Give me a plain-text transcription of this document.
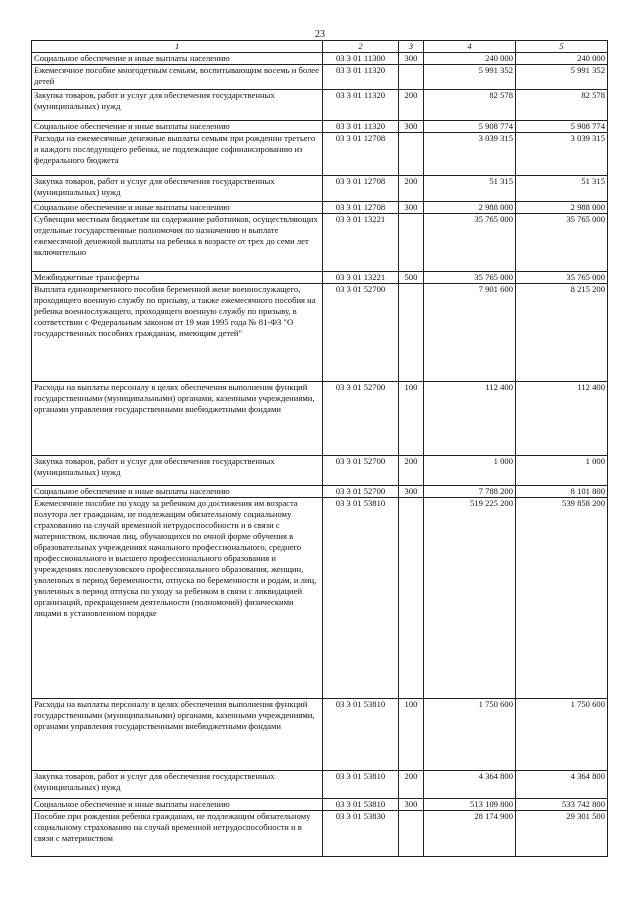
23
1	2	3	4	5
Социальное обеспечение и иные выплаты населению	03 3 01 11300	300	240 000	240 000
Ежемесячное пособие многодетным семьям, воспитывающим восемь и более детей	03 3 01 11320		5 991 352	5 991 352
Закупка товаров, работ и услуг для обеспечения государственных (муниципальных) нужд	03 3 01 11320	200	82 578	82 578
Социальное обеспечение и иные выплаты населению	03 3 01 11320	300	5 908 774	5 908 774
Расходы на ежемесячные денежные выплаты семьям при рождении третьего и каждого последующего ребенка, не подлежащие софинансированию из федерального бюджета	03 3 01 12708		3 039 315	3 039 315
Закупка товаров, работ и услуг для обеспечения государственных (муниципальных) нужд	03 3 01 12708	200	51 315	51 315
Социальное обеспечение и иные выплаты населению	03 3 01 12708	300	2 988 000	2 988 000
Субвенции местным бюджетам на содержание работников, осуществляющих отдельные государственные полномочия по назначению и выплате ежемесячной денежной выплаты на ребенка в возрасте от трех до семи лет включительно	03 3 01 13221		35 765 000	35 765 000
Межбюджетные трансферты	03 3 01 13221	500	35 765 000	35 765 000
Выплата единовременного пособия беременной жене военнослужащего, проходящего военную службу по призыву, а также ежемесячного пособия на ребенка военнослужащего, проходящего военную службу по призыву, в соответствии с Федеральным законом от 19 мая 1995 года № 81-ФЗ "О государственных пособиях гражданам, имеющим детей"	03 3 01 52700		7 901 600	8 215 200
Расходы на выплаты персоналу в целях обеспечения выполнения функций государственными (муниципальными) органами, казенными учреждениями, органами управления государственными внебюджетными фондами	03 3 01 52700	100	112 400	112 400
Закупка товаров, работ и услуг для обеспечения государственных (муниципальных) нужд	03 3 01 52700	200	1 000	1 000
Социальное обеспечение и иные выплаты населению	03 3 01 52700	300	7 788 200	8 101 800
Ежемесячное пособие по уходу за ребенком до достижения им возраста полутора лет гражданам, не подлежащим обязательному социальному страхованию на случай временной нетрудоспособности и в связи с материнством, включая лиц, обучающихся по очной форме обучения в образовательных учреждениях начального профессионального, среднего профессионального и высшего профессионального образования и учреждениях послевузовского профессионального образования, женщин, уволенных в период беременности, отпуска по беременности и родам, и лиц, уволенных в период отпуска по уходу за ребенком в связи с ликвидацией организаций, прекращением деятельности (полномочий) физическими лицами в установленном порядке	03 3 01 53810		519 225 200	539 858 200
Расходы на выплаты персоналу в целях обеспечения выполнения функций государственными (муниципальными) органами, казенными учреждениями, органами управления государственными внебюджетными фондами	03 3 01 53810	100	1 750 600	1 750 600
Закупка товаров, работ и услуг для обеспечения государственных (муниципальных) нужд	03 3 01 53810	200	4 364 800	4 364 800
Социальное обеспечение и иные выплаты населению	03 3 01 53810	300	513 109 800	533 742 800
Пособие при рождении ребенка гражданам, не подлежащим обязательному социальному страхованию на случай временной нетрудоспособности и в связи с материнством	03 3 01 53830		28 174 900	29 301 500
